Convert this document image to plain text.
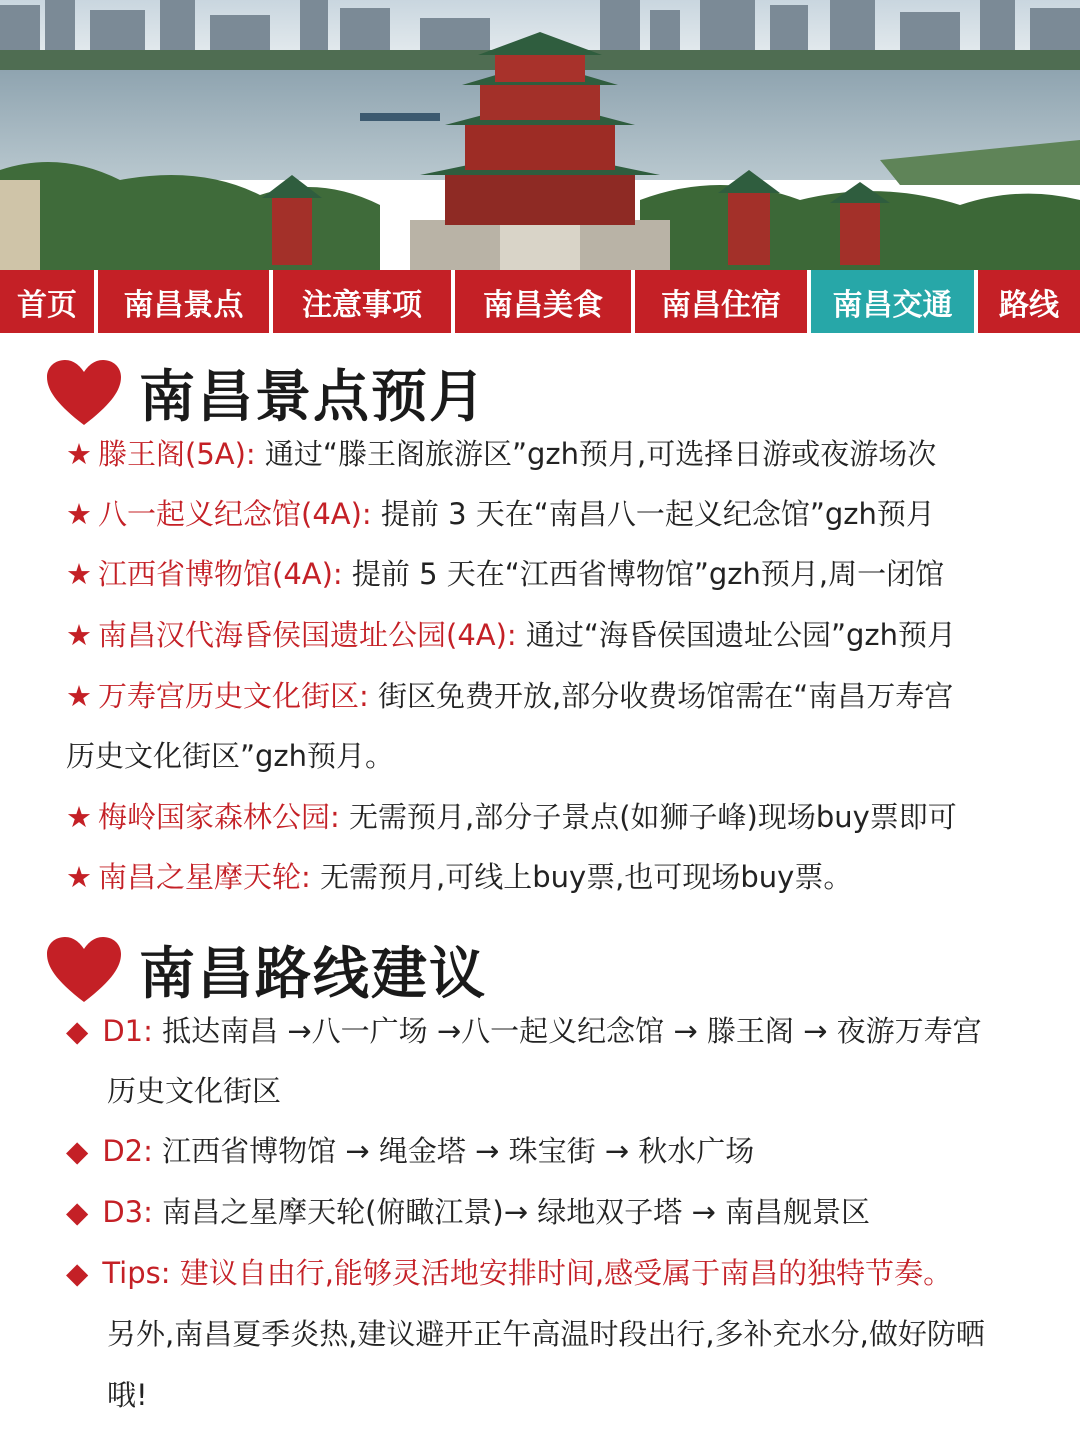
首页	南昌景点	注意事项	南昌美食	南昌住宿	南昌交通	路线
南昌景点预月
★ 滕王阁(5A): 通过“滕王阁旅游区”gzh预月,可选择日游或夜游场次
★ 八一起义纪念馆(4A): 提前 3 天在“南昌八一起义纪念馆”gzh预月
★ 江西省博物馆(4A): 提前 5 天在“江西省博物馆”gzh预月,周一闭馆
★ 南昌汉代海昏侯国遗址公园(4A): 通过“海昏侯国遗址公园”gzh预月
★ 万寿宫历史文化街区: 街区免费开放,部分收费场馆需在“南昌万寿宫
历史文化街区”gzh预月。
★ 梅岭国家森林公园: 无需预月,部分子景点(如狮子峰)现场buy票即可
★ 南昌之星摩天轮: 无需预月,可线上buy票,也可现场buy票。
南昌路线建议
◆ D1: 抵达南昌 →八一广场 →八一起义纪念馆 → 滕王阁 → 夜游万寿宫
历史文化街区
◆ D2: 江西省博物馆 → 绳金塔 → 珠宝街 → 秋水广场
◆ D3: 南昌之星摩天轮(俯瞰江景)→ 绿地双子塔 → 南昌舰景区
◆ Tips: 建议自由行,能够灵活地安排时间,感受属于南昌的独特节奏。
另外,南昌夏季炎热,建议避开正午高温时段出行,多补充水分,做好防晒
哦!
